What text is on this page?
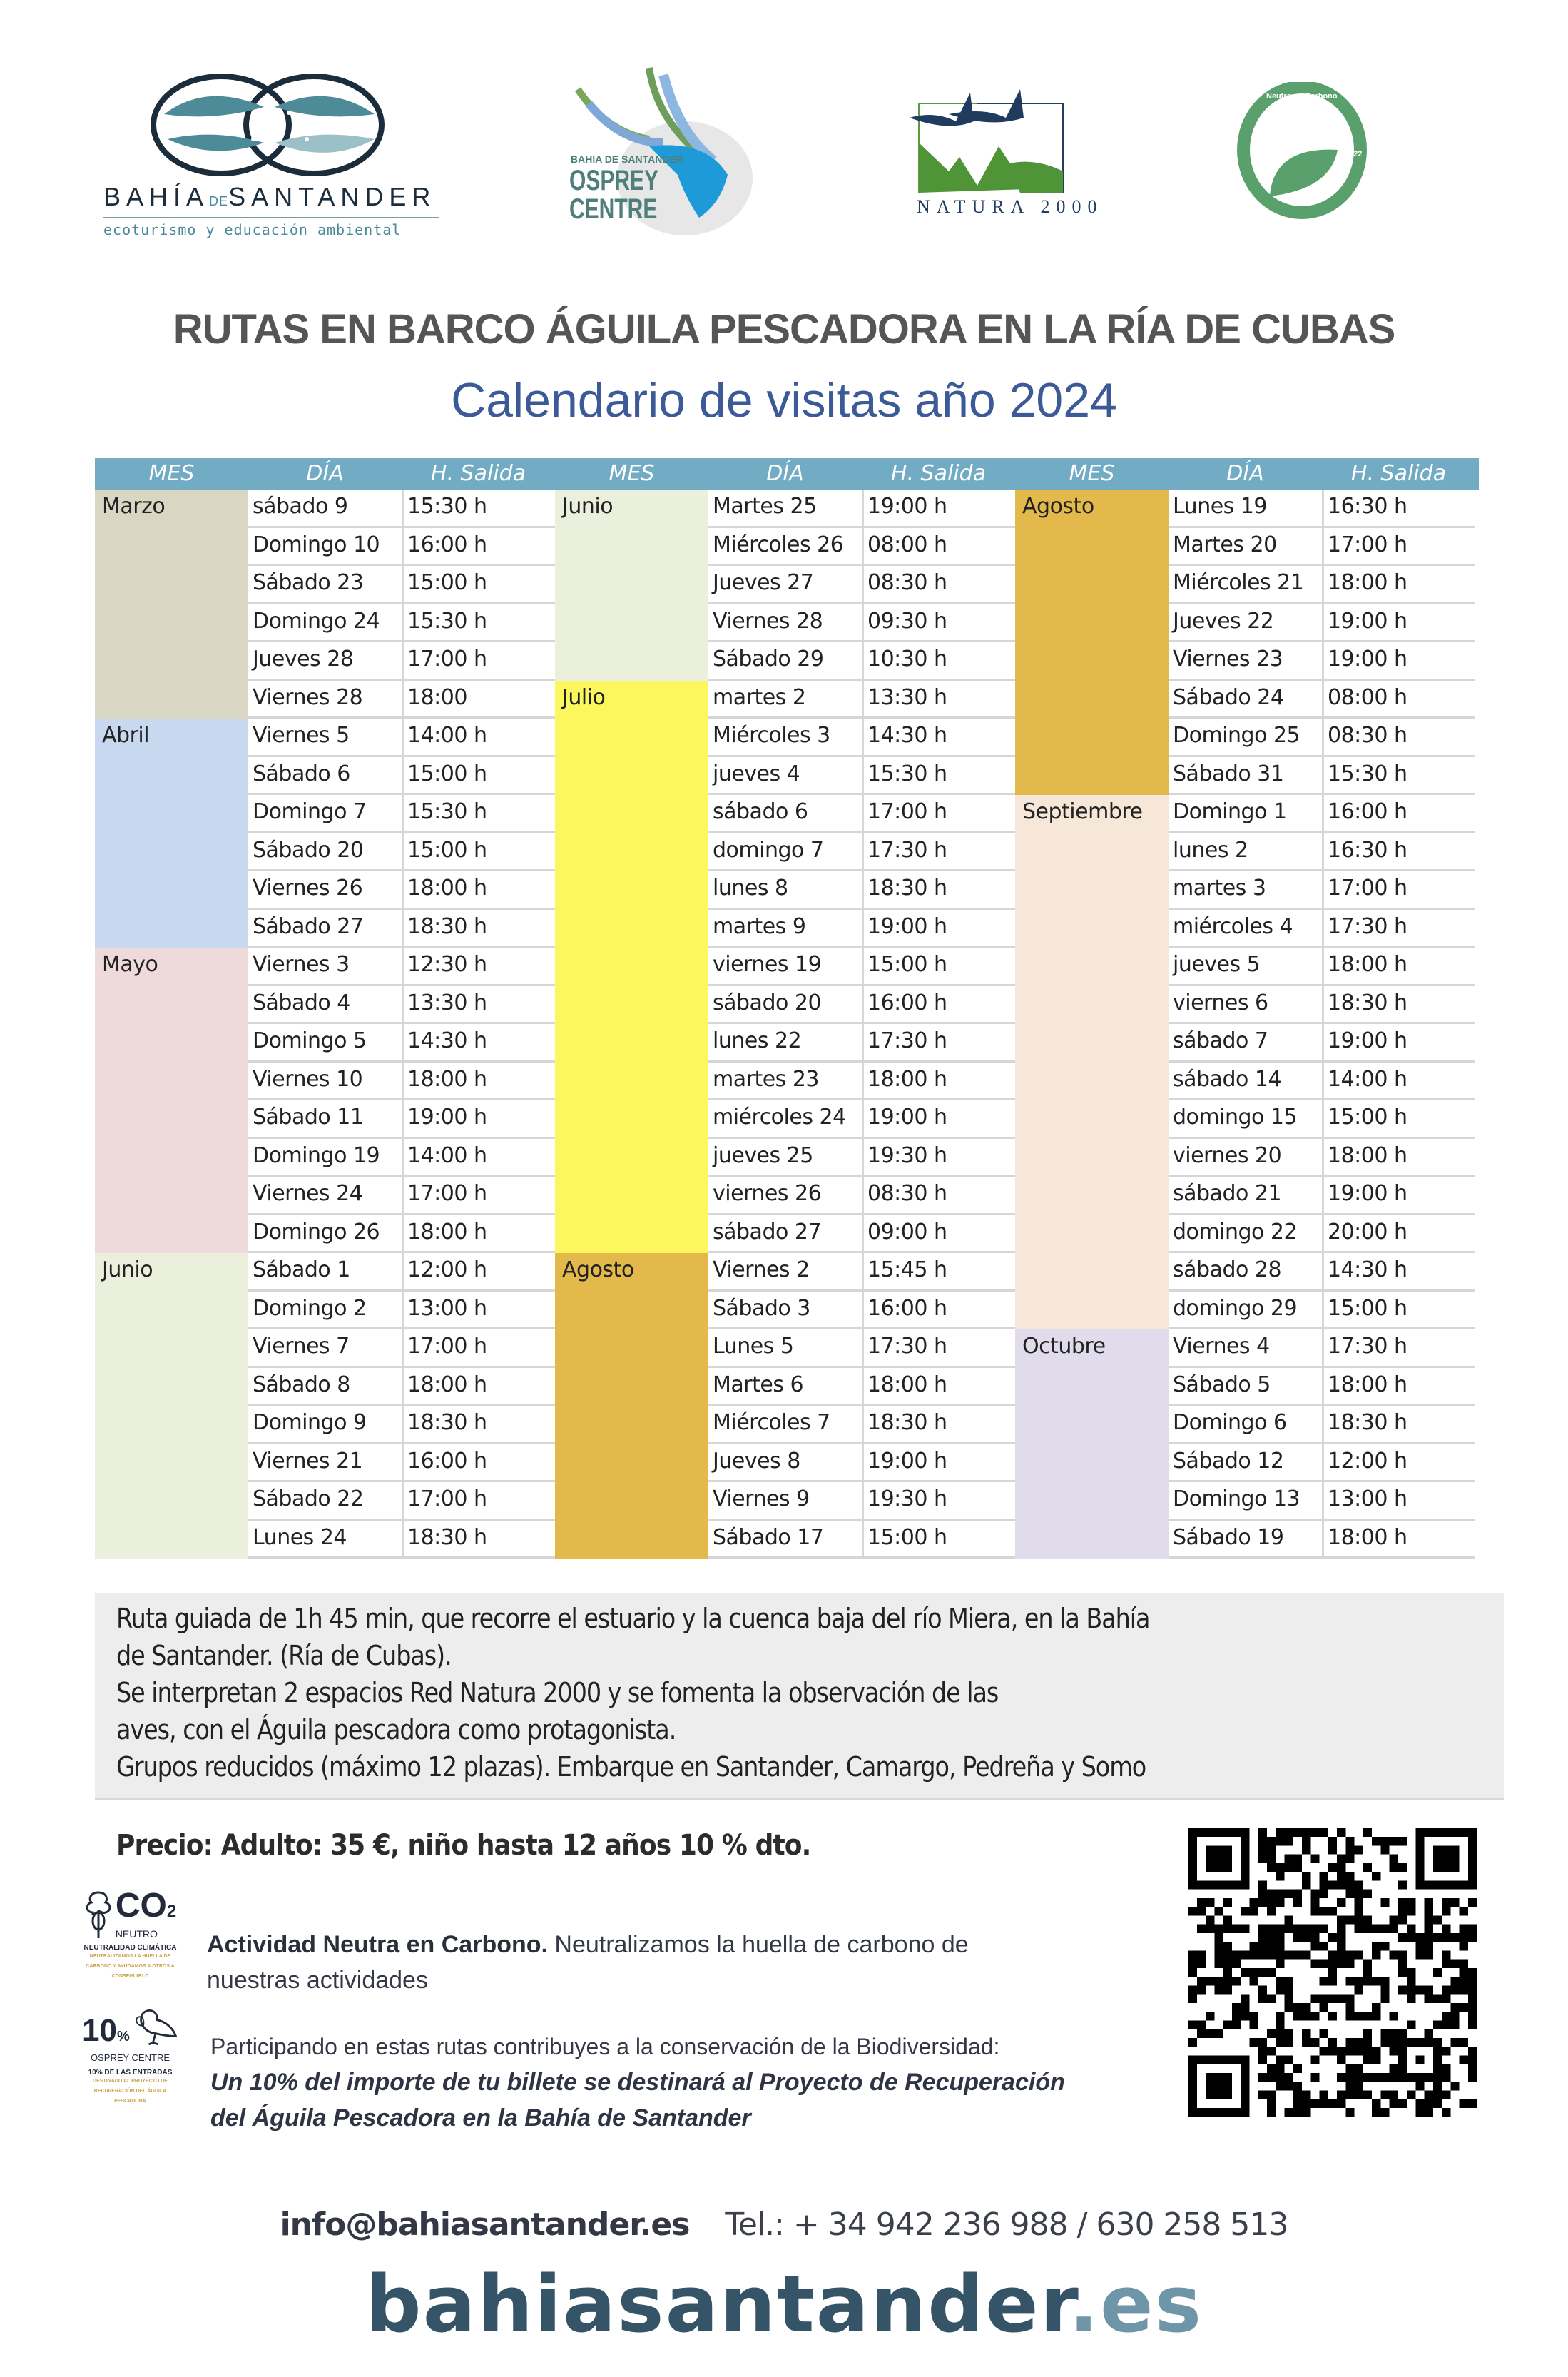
BAHÍADESANTANDER
ecoturismo y educación ambiental
BAHIA DE SANTANDER
OSPREY
CENTRE	NATURA 2000
Neutro en Carbono
2022
RUTAS EN BARCO ÁGUILA PESCADORA EN LA RÍA DE CUBAS
Calendario de visitas año 2024
MES	DÍA	H. Salida	MES	DÍA	H. Salida	MES	DÍA	H. Salida
Marzo	sábado 9	15:30 h
Domingo 10 16:00 h
Sábado 23 15:00 h
Domingo 24 15:30 h
Jueves 28	17:00 h
Viernes 28 18:00
Abril	Viernes 5	14:00 h
Sábado 6	15:00 h
Domingo 7 15:30 h
Sábado 20 15:00 h
Viernes 26 18:00 h
Sábado 27 18:30 h
Mayo	Viernes 3	12:30 h
Sábado 4	13:30 h
Domingo 5 14:30 h
Viernes 10 18:00 h
Sábado 11 19:00 h
Domingo 19 14:00 h
Viernes 24 17:00 h
Domingo 26 18:00 h
Junio	Sábado 1	12:00 h
Domingo 2 13:00 h
Viernes 7	17:00 h
Sábado 8	18:00 h
Domingo 9 18:30 h
Viernes 21 16:00 h
Sábado 22 17:00 h
Lunes 24	18:30 h
Junio	Martes 25 19:00 h
Miércoles 26 08:00 h
Jueves 27	08:30 h
Viernes 28 09:30 h
Sábado 29 10:30 h
Julio	martes 2	13:30 h
Miércoles 3 14:30 h
jueves 4	15:30 h
sábado 6	17:00 h
domingo 7 17:30 h
lunes 8	18:30 h
martes 9	19:00 h
viernes 19 15:00 h
sábado 20 16:00 h
lunes 22	17:30 h
martes 23 18:00 h
miércoles 24 19:00 h
jueves 25	19:30 h
viernes 26 08:30 h
sábado 27 09:00 h
Agosto	Viernes 2	15:45 h
Sábado 3	16:00 h
Lunes 5	17:30 h
Martes 6	18:00 h
Miércoles 7 18:30 h
Jueves 8	19:00 h
Viernes 9	19:30 h
Sábado 17 15:00 h
Agosto	Lunes 19	16:30 h
Martes 20 17:00 h
Miércoles 21 18:00 h
Jueves 22	19:00 h
Viernes 23 19:00 h
Sábado 24 08:00 h
Domingo 25 08:30 h
Sábado 31 15:30 h
Septiembre Domingo 1 16:00 h
lunes 2	16:30 h
martes 3	17:00 h
miércoles 4 17:30 h
jueves 5	18:00 h
viernes 6	18:30 h
sábado 7	19:00 h
sábado 14 14:00 h
domingo 15 15:00 h
viernes 20 18:00 h
sábado 21 19:00 h
domingo 22 20:00 h
sábado 28 14:30 h
domingo 29 15:00 h
Octubre	Viernes 4	17:30 h
Sábado 5	18:00 h
Domingo 6 18:30 h
Sábado 12 12:00 h
Domingo 13 13:00 h
Sábado 19 18:00 h

Ruta guiada de 1h 45 min, que recorre el estuario y la cuenca baja del río Miera, en la Bahía

de Santander. (Ría de Cubas).

Se interpretan 2 espacios Red Natura 2000 y se fomenta la observación de las

aves, con el Águila pescadora como protagonista.

Grupos reducidos (máximo 12 plazas). Embarque en Santander, Camargo, Pedreña y Somo

Precio: Adulto: 35 €, niño hasta 12 años 10 % dto.
CO2
NEUTRO
NEUTRALIDAD CLIMÁTICA
NEUTRALIZAMOS LA HUELLA DE CARBONO Y AYUDAMOS A OTROS A CONSEGUIRLO
10%
OSPREY CENTRE
10% DE LAS ENTRADAS
DESTINADO AL PROYECTO DE RECUPERACIÓN DEL ÁGUILA PESCADORA
Actividad Neutra en Carbono. Neutralizamos la huella de carbono de
nuestras actividades
Participando en estas rutas contribuyes a la conservación de la Biodiversidad:
Un 10% del importe de tu billete se destinará al Proyecto de Recuperación
del Águila Pescadora en la Bahía de Santander
info@bahiasantander.es Tel.: + 34 942 236 988 / 630 258 513
bahiasantander.es
